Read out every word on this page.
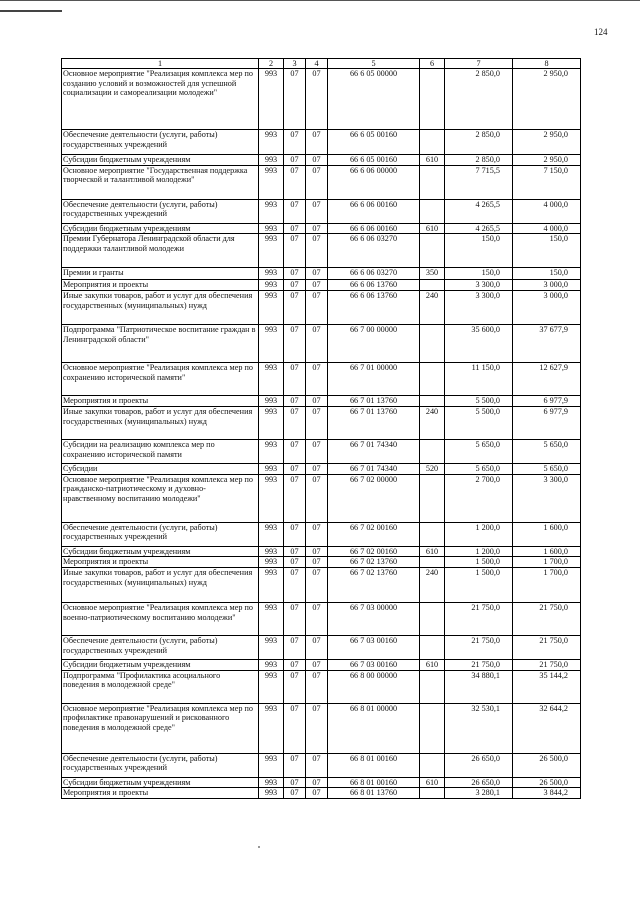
124
1	2	3	4	5	6	7	8
Основное мероприятие "Реализация комплекса мер по созданию условий и возможностей для успешной социализации и самореализации молодежи"	993	07	07	66 6 05 00000		2 850,0	2 950,0
Обеспечение деятельности (услуги, работы) государственных учреждений	993	07	07	66 6 05 00160		2 850,0	2 950,0
Субсидии бюджетным учреждениям	993	07	07	66 6 05 00160	610	2 850,0	2 950,0
Основное мероприятие "Государственная поддержка творческой и талантливой молодежи"	993	07	07	66 6 06 00000		7 715,5	7 150,0
Обеспечение деятельности (услуги, работы) государственных учреждений	993	07	07	66 6 06 00160		4 265,5	4 000,0
Субсидии бюджетным учреждениям	993	07	07	66 6 06 00160	610	4 265,5	4 000,0
Премии Губернатора Ленинградской области для поддержки талантливой молодежи	993	07	07	66 6 06 03270		150,0	150,0
Премии и гранты	993	07	07	66 6 06 03270	350	150,0	150,0
Мероприятия и проекты	993	07	07	66 6 06 13760		3 300,0	3 000,0
Иные закупки товаров, работ и услуг для обеспечения государственных (муниципальных) нужд	993	07	07	66 6 06 13760	240	3 300,0	3 000,0
Подпрограмма "Патриотическое воспитание граждан в Ленинградской области"	993	07	07	66 7 00 00000		35 600,0	37 677,9
Основное мероприятие "Реализация комплекса мер по сохранению исторической памяти"	993	07	07	66 7 01 00000		11 150,0	12 627,9
Мероприятия и проекты	993	07	07	66 7 01 13760		5 500,0	6 977,9
Иные закупки товаров, работ и услуг для обеспечения государственных (муниципальных) нужд	993	07	07	66 7 01 13760	240	5 500,0	6 977,9
Субсидии на реализацию комплекса мер по сохранению исторической памяти	993	07	07	66 7 01 74340		5 650,0	5 650,0
Субсидии	993	07	07	66 7 01 74340	520	5 650,0	5 650,0
Основное мероприятие "Реализация комплекса мер по гражданско-патриотическому и духовно-нравственному воспитанию молодежи"	993	07	07	66 7 02 00000		2 700,0	3 300,0
Обеспечение деятельности (услуги, работы) государственных учреждений	993	07	07	66 7 02 00160		1 200,0	1 600,0
Субсидии бюджетным учреждениям	993	07	07	66 7 02 00160	610	1 200,0	1 600,0
Мероприятия и проекты	993	07	07	66 7 02 13760		1 500,0	1 700,0
Иные закупки товаров, работ и услуг для обеспечения государственных (муниципальных) нужд	993	07	07	66 7 02 13760	240	1 500,0	1 700,0
Основное мероприятие "Реализация комплекса мер по военно-патриотическому воспитанию молодежи"	993	07	07	66 7 03 00000		21 750,0	21 750,0
Обеспечение деятельности (услуги, работы) государственных учреждений	993	07	07	66 7 03 00160		21 750,0	21 750,0
Субсидии бюджетным учреждениям	993	07	07	66 7 03 00160	610	21 750,0	21 750,0
Подпрограмма "Профилактика асоциального поведения в молодежной среде"	993	07	07	66 8 00 00000		34 880,1	35 144,2
Основное мероприятие "Реализация комплекса мер по профилактике правонарушений и рискованного поведения в молодежной среде"	993	07	07	66 8 01 00000		32 530,1	32 644,2
Обеспечение деятельности (услуги, работы) государственных учреждений	993	07	07	66 8 01 00160		26 650,0	26 500,0
Субсидии бюджетным учреждениям	993	07	07	66 8 01 00160	610	26 650,0	26 500,0
Мероприятия и проекты	993	07	07	66 8 01 13760		3 280,1	3 844,2
